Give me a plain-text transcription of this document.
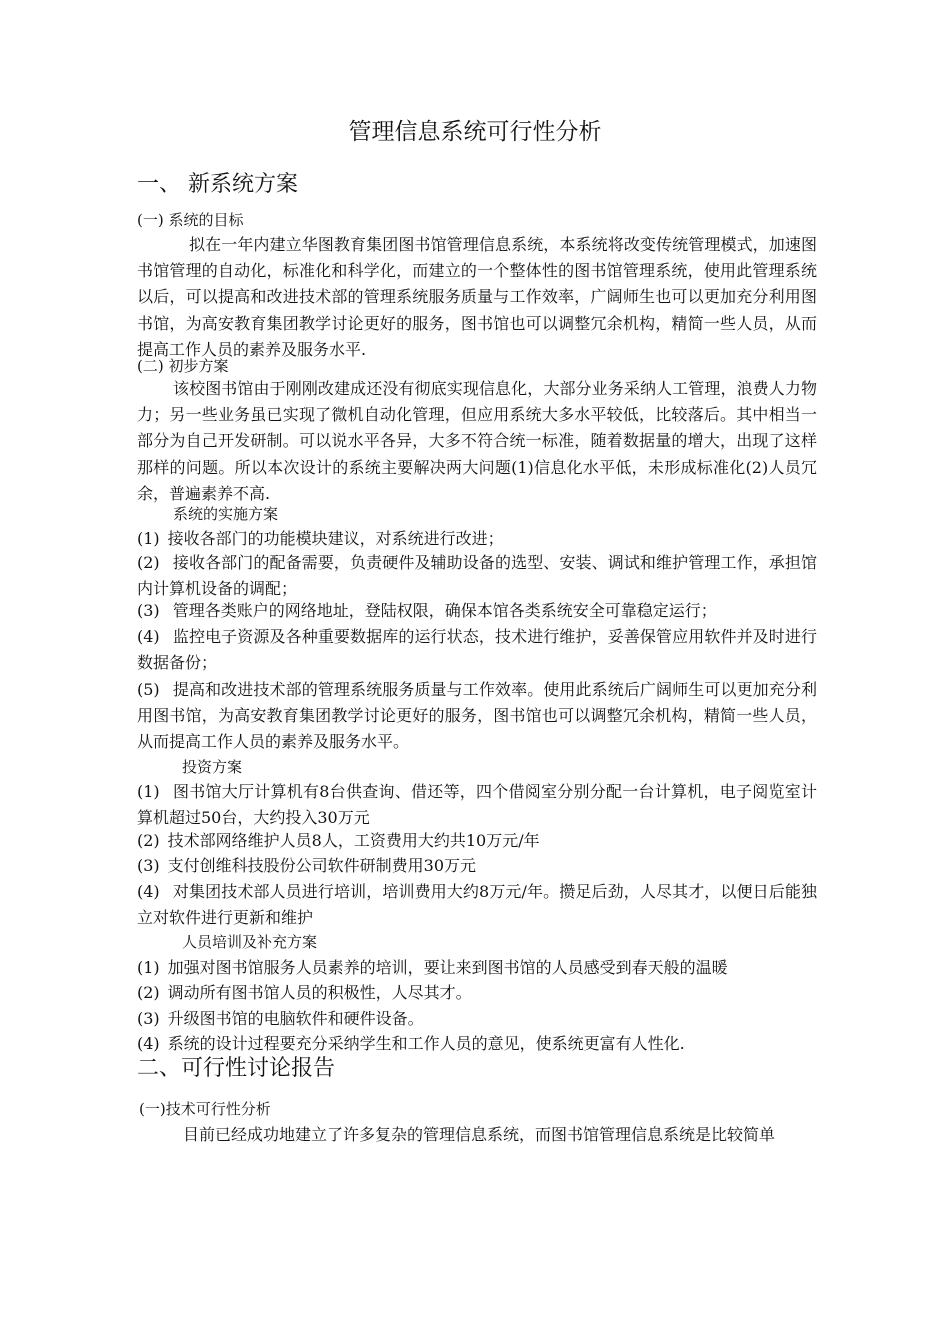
管理信息系统可行性分析
一、 新系统方案
(一) 系统的目标
拟在一年内建立华图教育集团图书馆管理信息系统，本系统将改变传统管理模式，加速图书馆管理的自动化，标准化和科学化，而建立的一个整体性的图书馆管理系统，使用此管理系统以后，可以提高和改进技术部的管理系统服务质量与工作效率，广阔师生也可以更加充分利用图书馆，为高安教育集团教学讨论更好的服务，图书馆也可以调整冗余机构，精简一些人员，从而提高工作人员的素养及服务水平.
(二) 初步方案
该校图书馆由于刚刚改建成还没有彻底实现信息化，大部分业务采纳人工管理，浪费人力物力；另一些业务虽已实现了微机自动化管理，但应用系统大多水平较低，比较落后。其中相当一部分为自己开发研制。可以说水平各异，大多不符合统一标准，随着数据量的增大，出现了这样那样的问题。所以本次设计的系统主要解决两大问题(1)信息化水平低，未形成标准化(2)人员冗余，普遍素养不高.
系统的实施方案
(1) 接收各部门的功能模块建议，对系统进行改进；
(2) 接收各部门的配备需要，负责硬件及辅助设备的选型、安装、调试和维护管理工作，承担馆内计算机设备的调配；
(3) 管理各类账户的网络地址，登陆权限，确保本馆各类系统安全可靠稳定运行；
(4) 监控电子资源及各种重要数据库的运行状态，技术进行维护，妥善保管应用软件并及时进行数据备份；
(5) 提高和改进技术部的管理系统服务质量与工作效率。使用此系统后广阔师生可以更加充分利用图书馆，为高安教育集团教学讨论更好的服务，图书馆也可以调整冗余机构，精简一些人员，从而提高工作人员的素养及服务水平。
投资方案
(1) 图书馆大厅计算机有8台供查询、借还等，四个借阅室分别分配一台计算机，电子阅览室计算机超过50台，大约投入30万元
(2) 技术部网络维护人员8人，工资费用大约共10万元/年
(3) 支付创维科技股份公司软件研制费用30万元
(4) 对集团技术部人员进行培训，培训费用大约8万元/年。攒足后劲，人尽其才，以便日后能独立对软件进行更新和维护
人员培训及补充方案
(1) 加强对图书馆服务人员素养的培训，要让来到图书馆的人员感受到春天般的温暖
(2) 调动所有图书馆人员的积极性，人尽其才。
(3) 升级图书馆的电脑软件和硬件设备。
(4) 系统的设计过程要充分采纳学生和工作人员的意见，使系统更富有人性化.
二、可行性讨论报告
(一)技术可行性分析
目前已经成功地建立了许多复杂的管理信息系统，而图书馆管理信息系统是比较简单
